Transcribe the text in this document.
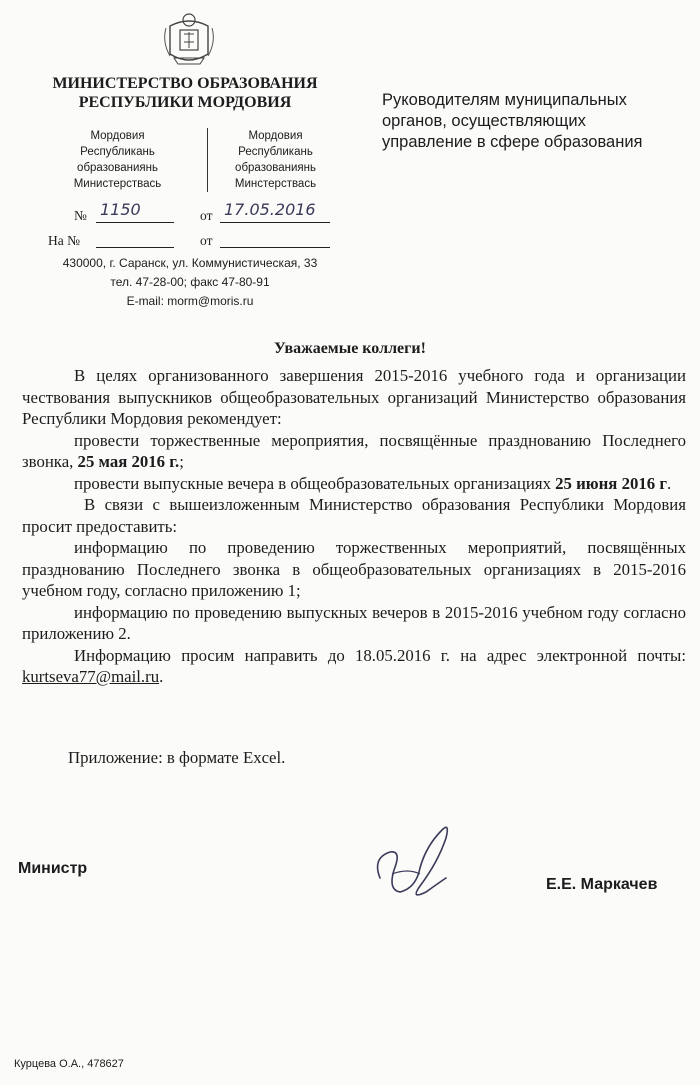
МИНИСТЕРСТВО ОБРАЗОВАНИЯ
РЕСПУБЛИКИ МОРДОВИЯ
Мордовия
Республикань
образованиянь
Министерствась
Мордовия
Республикань
образованиянь
Минстерствась
№ 1150	от 17.05.2016
На №	от
430000, г. Саранск, ул. Коммунистическая, 33
тел. 47-28-00; факс 47-80-91
E-mail: morm@moris.ru
Руководителям муниципальных
органов, осуществляющих
управление в сфере образования
Уважаемые коллеги!

В целях организованного завершения 2015-2016 учебного года и организации чествования выпускников общеобразовательных организаций Министерство образования Республики Мордовия рекомендует:

провести торжественные мероприятия, посвящённые празднованию Последнего звонка, 25 мая 2016 г.;

провести выпускные вечера в общеобразовательных организациях 25 июня 2016 г.

В связи с вышеизложенным Министерство образования Республики Мордовия просит предоставить:

информацию по проведению торжественных мероприятий, посвящённых празднованию Последнего звонка в общеобразовательных организациях в 2015-2016 учебном году, согласно приложению 1;

информацию по проведению выпускных вечеров в 2015-2016 учебном году согласно приложению 2.

Информацию просим направить до 18.05.2016 г. на адрес электронной почты: kurtseva77@mail.ru.

Приложение: в формате Excel.
Министр
Е.Е. Маркачев
Курцева О.А., 478627
